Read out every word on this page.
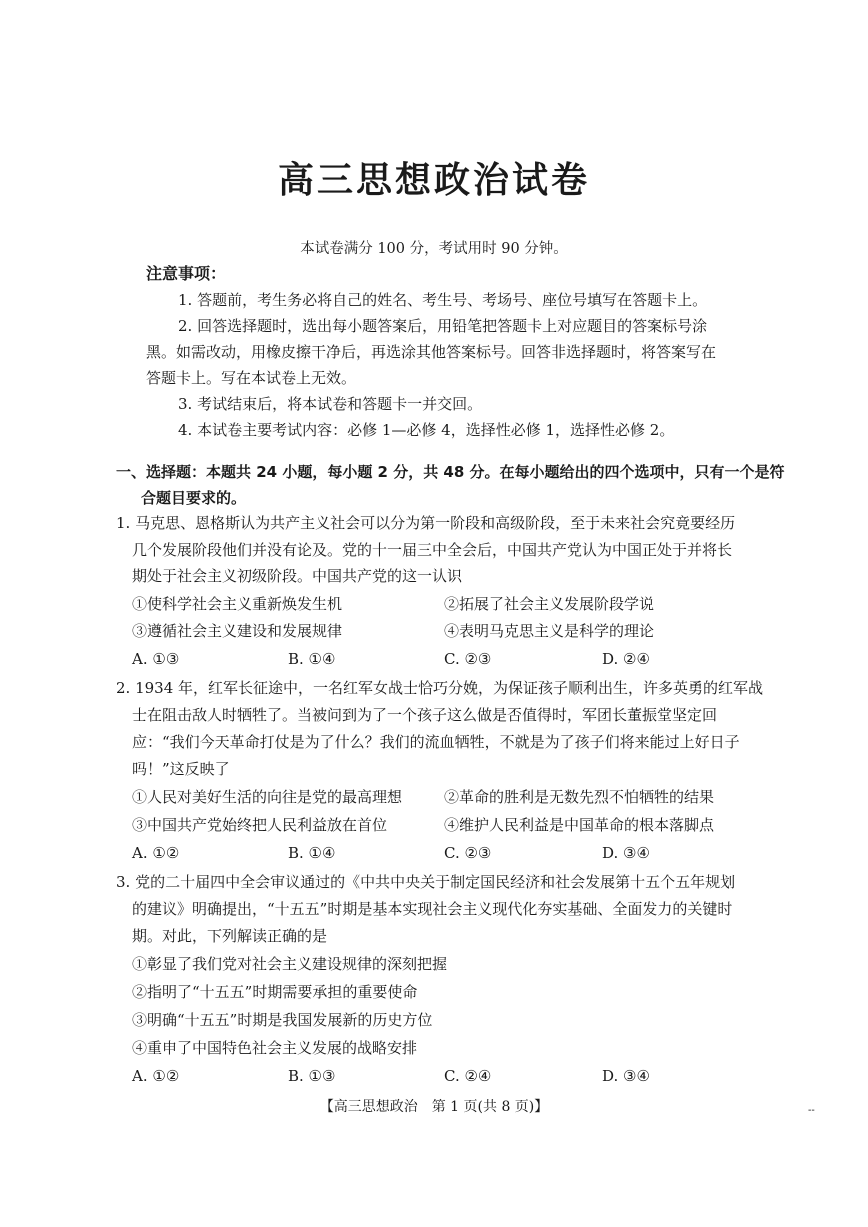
高三思想政治试卷
本试卷满分 100 分，考试用时 90 分钟。
注意事项：
1. 答题前，考生务必将自己的姓名、考生号、考场号、座位号填写在答题卡上。
2. 回答选择题时，选出每小题答案后，用铅笔把答题卡上对应题目的答案标号涂
黑。如需改动，用橡皮擦干净后，再选涂其他答案标号。回答非选择题时，将答案写在
答题卡上。写在本试卷上无效。
3. 考试结束后，将本试卷和答题卡一并交回。
4. 本试卷主要考试内容：必修 1—必修 4，选择性必修 1，选择性必修 2。
一、选择题：本题共 24 小题，每小题 2 分，共 48 分。在每小题给出的四个选项中，只有一个是符
合题目要求的。
1. 马克思、恩格斯认为共产主义社会可以分为第一阶段和高级阶段，至于未来社会究竟要经历
几个发展阶段他们并没有论及。党的十一届三中全会后，中国共产党认为中国正处于并将长
期处于社会主义初级阶段。中国共产党的这一认识
①使科学社会主义重新焕发生机	②拓展了社会主义发展阶段学说
③遵循社会主义建设和发展规律	④表明马克思主义是科学的理论
A. ①③	B. ①④	C. ②③	D. ②④
2. 1934 年，红军长征途中，一名红军女战士恰巧分娩，为保证孩子顺利出生，许多英勇的红军战
士在阻击敌人时牺牲了。当被问到为了一个孩子这么做是否值得时，军团长董振堂坚定回
应：“我们今天革命打仗是为了什么？我们的流血牺牲，不就是为了孩子们将来能过上好日子
吗！”这反映了
①人民对美好生活的向往是党的最高理想	②革命的胜利是无数先烈不怕牺牲的结果
③中国共产党始终把人民利益放在首位	④维护人民利益是中国革命的根本落脚点
A. ①②	B. ①④	C. ②③	D. ③④
3. 党的二十届四中全会审议通过的《中共中央关于制定国民经济和社会发展第十五个五年规划
的建议》明确提出，“十五五”时期是基本实现社会主义现代化夯实基础、全面发力的关键时
期。对此，下列解读正确的是
①彰显了我们党对社会主义建设规律的深刻把握
②指明了“十五五”时期需要承担的重要使命
③明确“十五五”时期是我国发展新的历史方位
④重申了中国特色社会主义发展的战略安排
A. ①②	B. ①③	C. ②④	D. ③④
【高三思想政治　第 1 页(共 8 页)】	--
